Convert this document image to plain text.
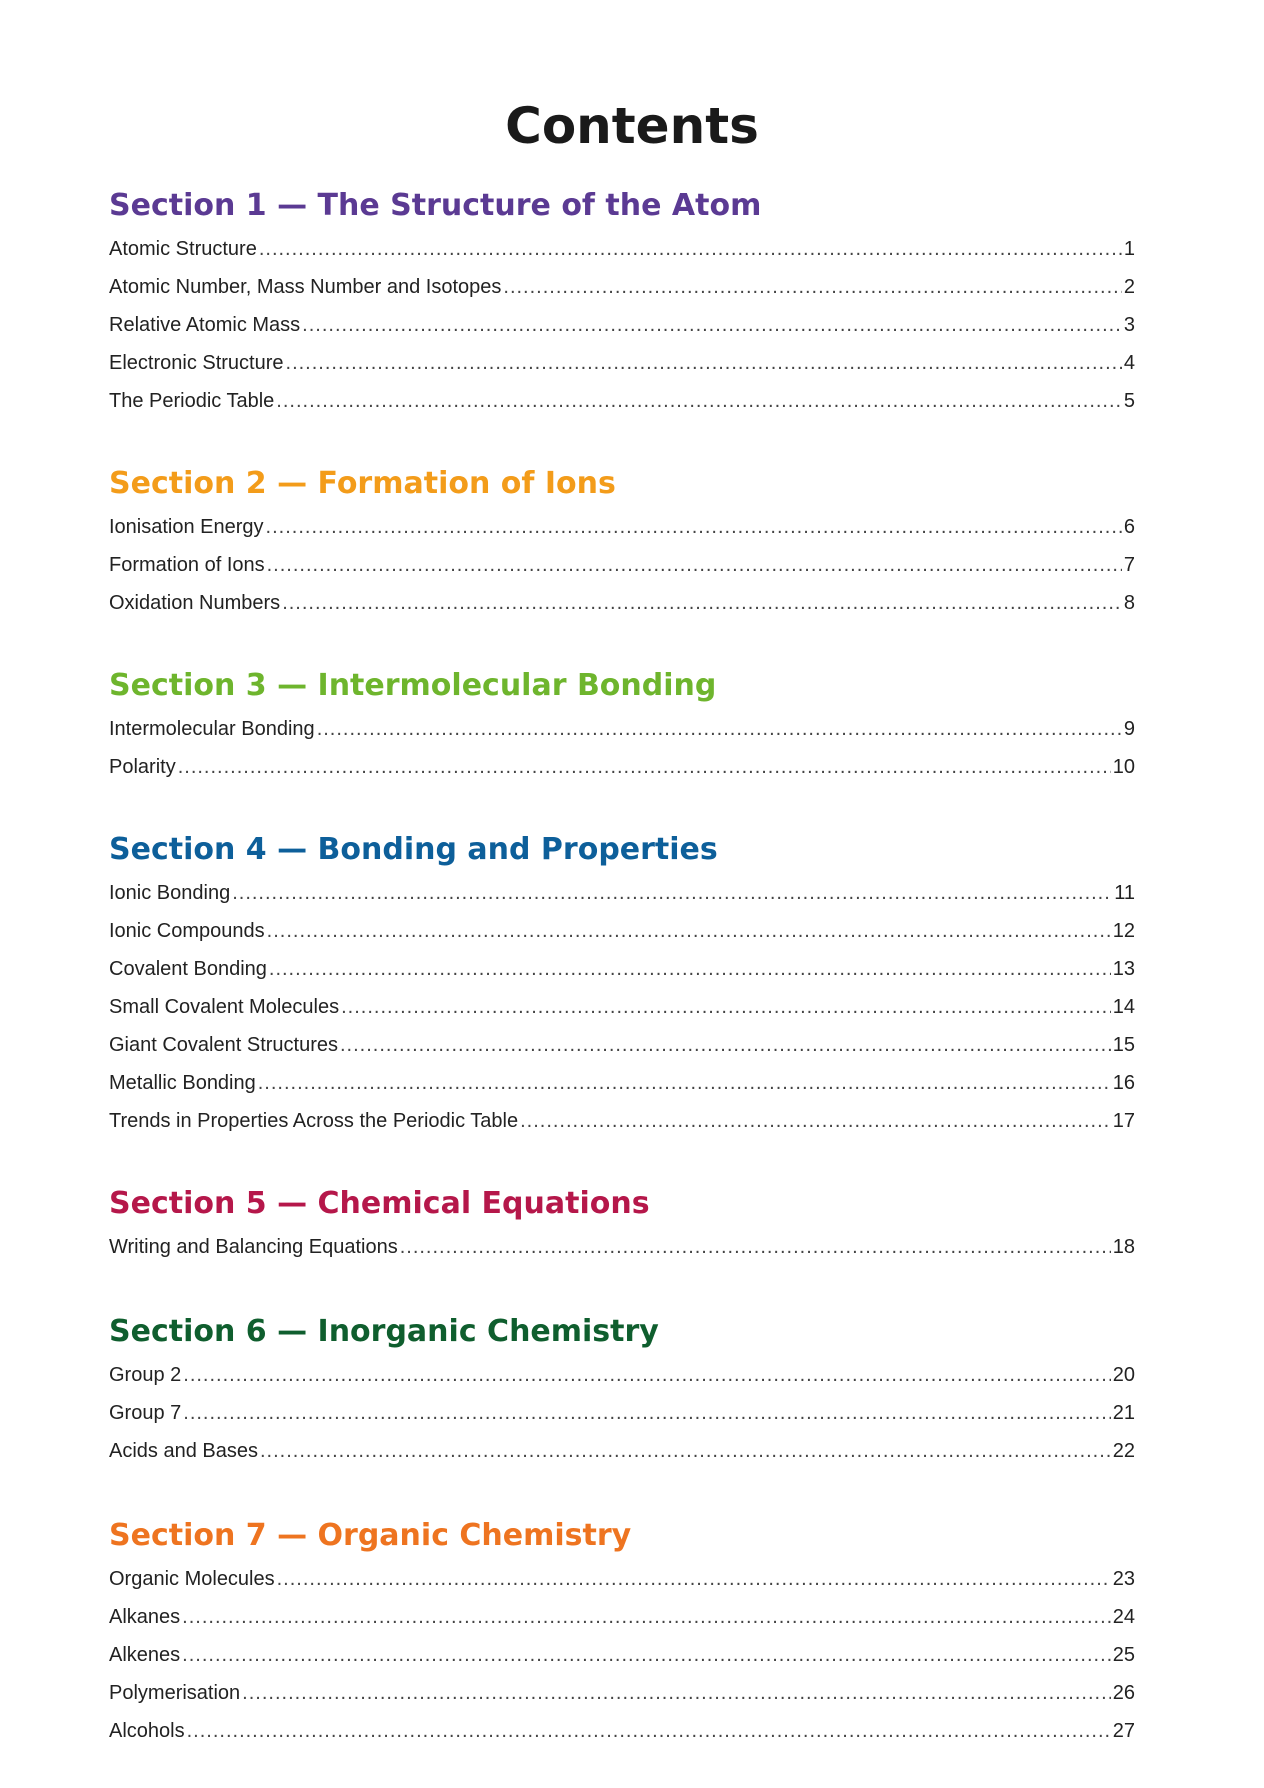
Contents
Section 1 — The Structure of the Atom
Atomic Structure .....	1
Atomic Number, Mass Number and Isotopes .....	2
Relative Atomic Mass .....	3
Electronic Structure .....	4
The Periodic Table .....	5
Section 2 — Formation of Ions
Ionisation Energy .....	6
Formation of Ions .....	7
Oxidation Numbers .....	8
Section 3 — Intermolecular Bonding
Intermolecular Bonding .....	9
Polarity .....	10
Section 4 — Bonding and Properties
Ionic Bonding .....	11
Ionic Compounds .....	12
Covalent Bonding .....	13
Small Covalent Molecules .....	14
Giant Covalent Structures .....	15
Metallic Bonding .....	16
Trends in Properties Across the Periodic Table .....	17
Section 5 — Chemical Equations
Writing and Balancing Equations .....	18
Section 6 — Inorganic Chemistry
Group 2 .....	20
Group 7 .....	21
Acids and Bases .....	22
Section 7 — Organic Chemistry
Organic Molecules .....	23
Alkanes .....	24
Alkenes .....	25
Polymerisation .....	26
Alcohols .....	27
